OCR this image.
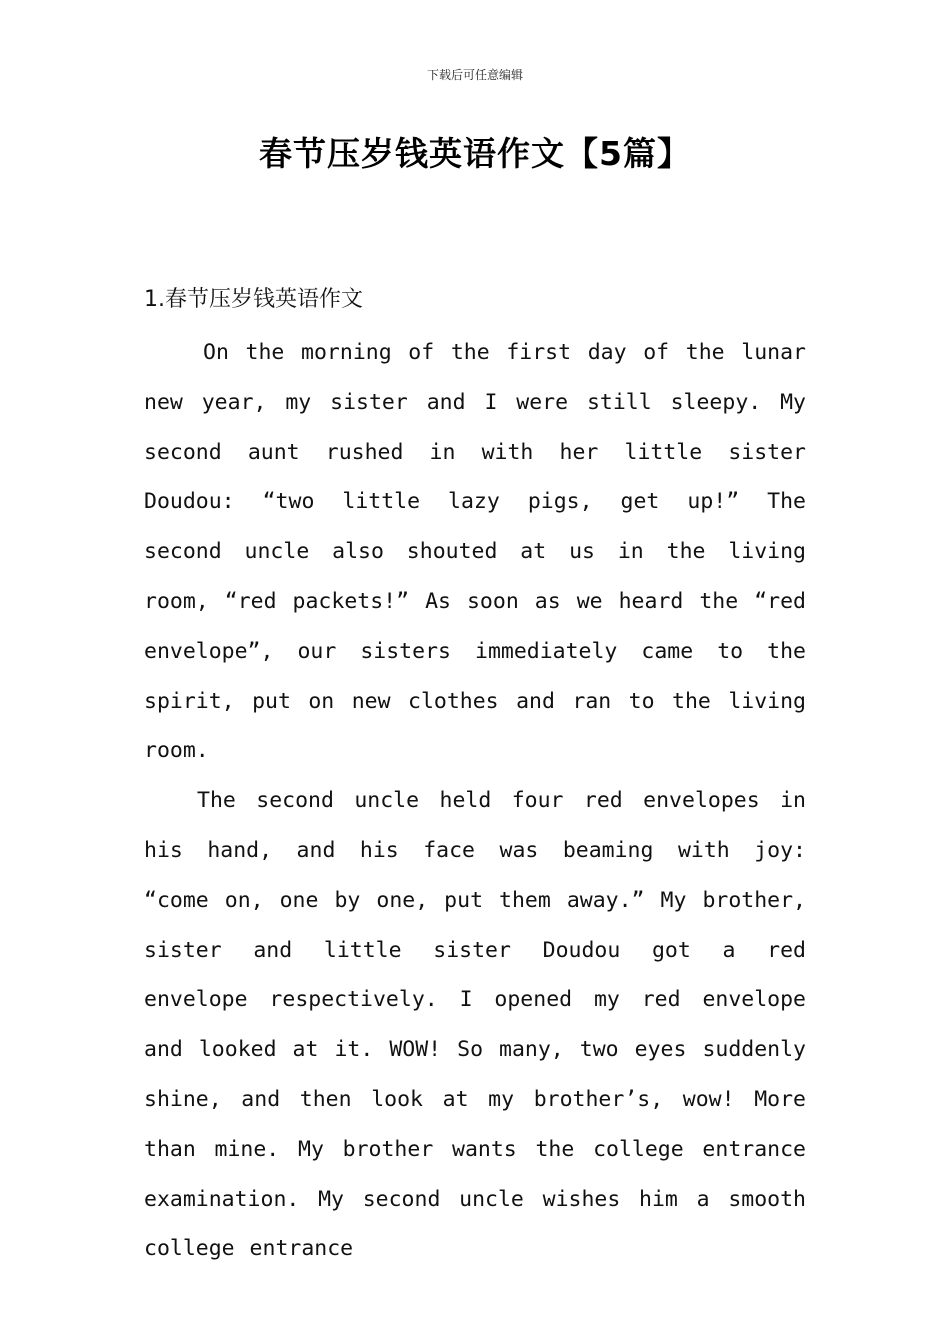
下载后可任意编辑
春节压岁钱英语作文【5篇】
1.春节压岁钱英语作文

On the morning of the first day of the lunar new year, my sister and I were still sleepy. My second aunt rushed in with her little sister Doudou: “two little lazy pigs, get up!” The second uncle also shouted at us in the living room, “red packets!” As soon as we heard the “red envelope”, our sisters immediately came to the spirit, put on new clothes and ran to the living room.

The second uncle held four red envelopes in his hand, and his face was beaming with joy: “come on, one by one, put them away.” My brother, sister and little sister Doudou got a red envelope respectively. I opened my red envelope and looked at it. WOW! So many, two eyes suddenly shine, and then look at my brother’s, wow! More than mine. My brother wants the college entrance examination. My second uncle wishes him a smooth college entrance
